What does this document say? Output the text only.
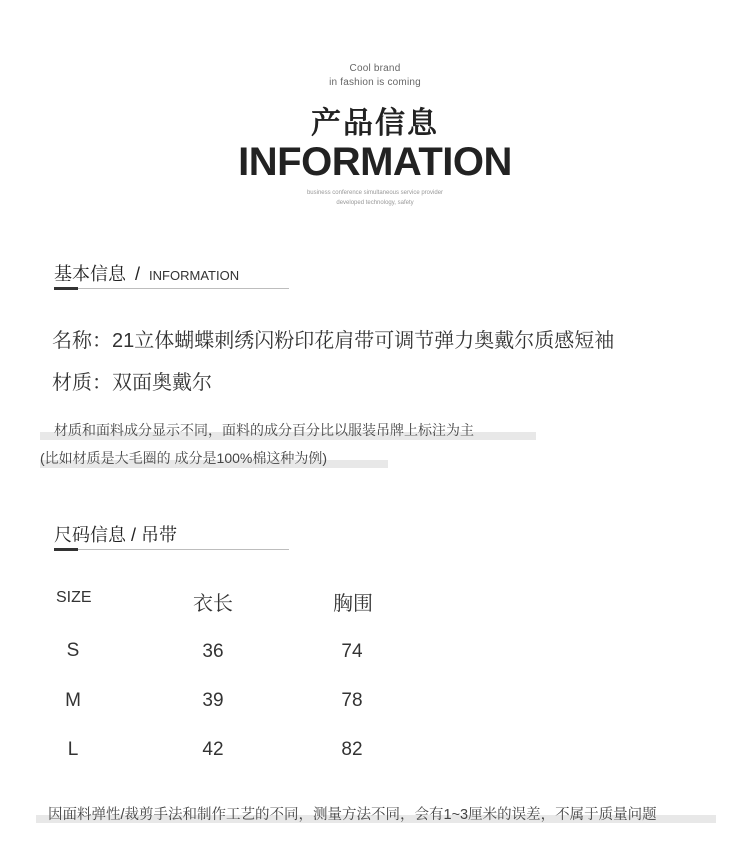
Cool brand
in fashion is coming
产品信息
INFORMATION
business conference simultaneous service provider
developed technology, safety
基本信息 / INFORMATION
名称：21立体蝴蝶刺绣闪粉印花肩带可调节弹力奥戴尔质感短袖
材质：双面奥戴尔
材质和面料成分显示不同，面料的成分百分比以服装吊牌上标注为主
(比如材质是大毛圈的 成分是100%棉这种为例)
尺码信息 / 吊带
SIZE	衣长	胸围
S	36	74
M	39	78
L	42	82
因面料弹性/裁剪手法和制作工艺的不同，测量方法不同，会有1~3厘米的误差，不属于质量问题
